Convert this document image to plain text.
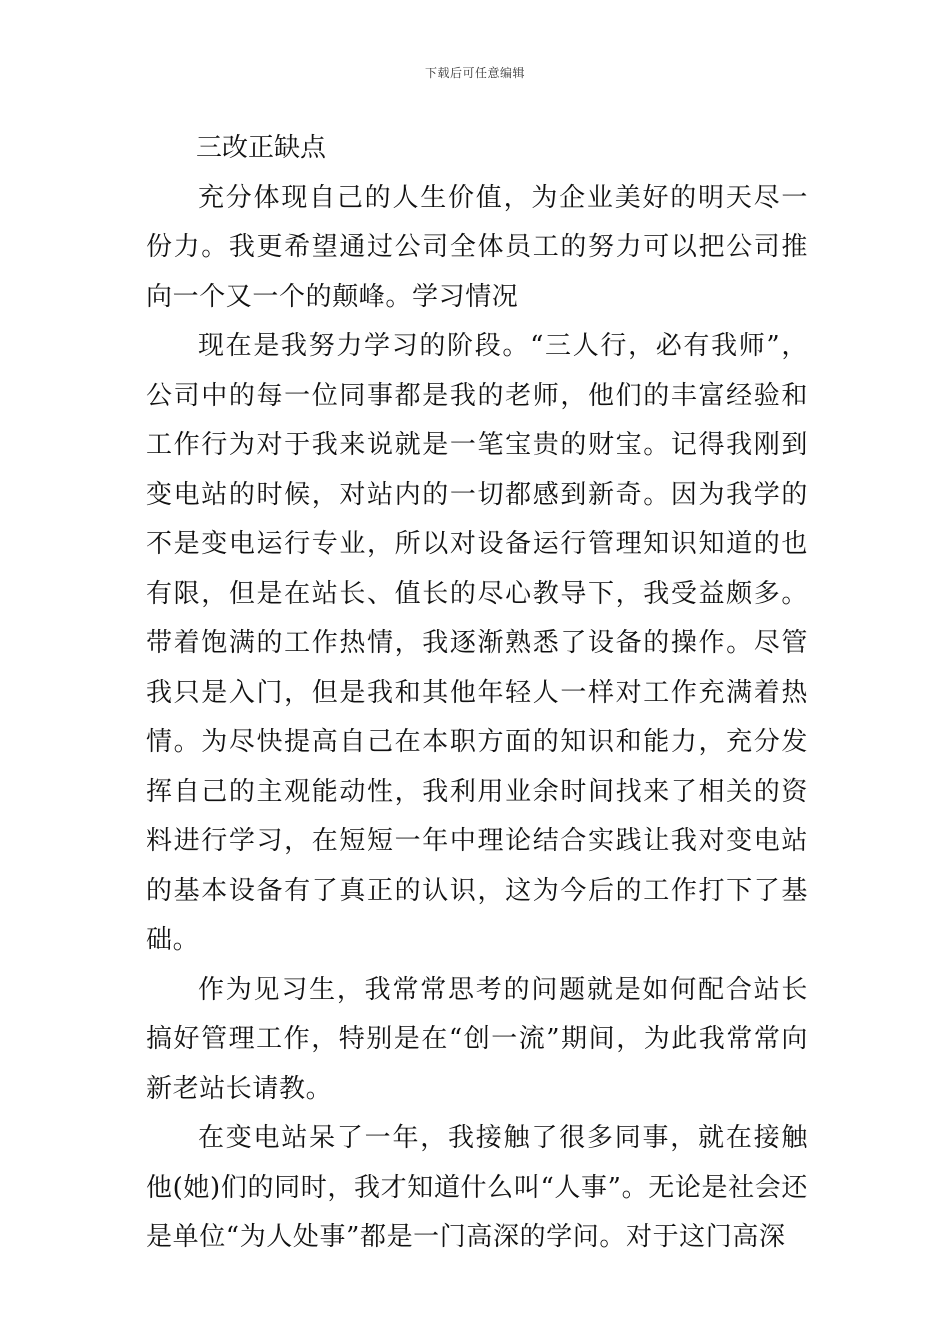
下载后可任意编辑

三改正缺点

充分体现自己的人生价值，为企业美好的明天尽一份力。我更希望通过公司全体员工的努力可以把公司推向一个又一个的颠峰。学习情况

现在是我努力学习的阶段。“三人行，必有我师”，公司中的每一位同事都是我的老师，他们的丰富经验和工作行为对于我来说就是一笔宝贵的财宝。记得我刚到变电站的时候，对站内的一切都感到新奇。因为我学的不是变电运行专业，所以对设备运行管理知识知道的也有限，但是在站长、值长的尽心教导下，我受益颇多。带着饱满的工作热情，我逐渐熟悉了设备的操作。尽管我只是入门，但是我和其他年轻人一样对工作充满着热情。为尽快提高自己在本职方面的知识和能力，充分发挥自己的主观能动性，我利用业余时间找来了相关的资料进行学习，在短短一年中理论结合实践让我对变电站的基本设备有了真正的认识，这为今后的工作打下了基础。

作为见习生，我常常思考的问题就是如何配合站长搞好管理工作，特别是在“创一流”期间，为此我常常向新老站长请教。

在变电站呆了一年，我接触了很多同事，就在接触他(她)们的同时，我才知道什么叫“人事”。无论是社会还是单位“为人处事”都是一门高深的学问。对于这门高深
